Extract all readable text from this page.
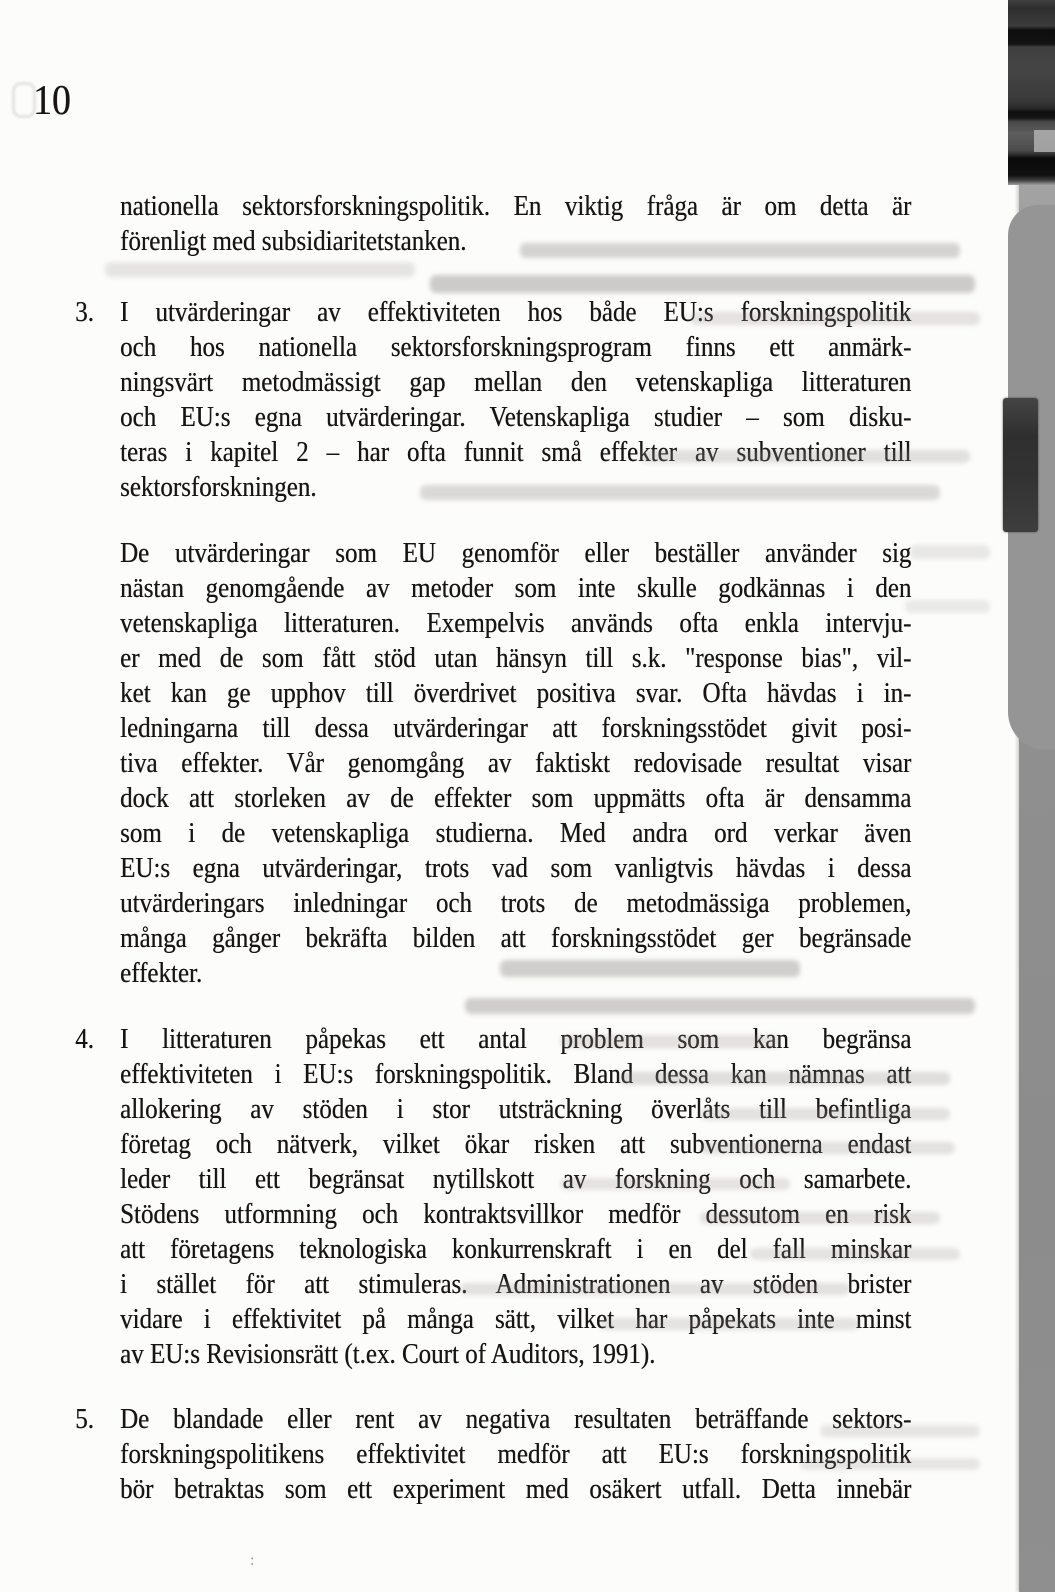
10
nationella sektorsforskningspolitik. En viktig fråga är om detta är
förenligt med subsidiaritetstanken.
3. I utvärderingar av effektiviteten hos både EU:s forskningspolitik
och hos nationella sektorsforskningsprogram finns ett anmärk-
ningsvärt metodmässigt gap mellan den vetenskapliga litteraturen
och EU:s egna utvärderingar. Vetenskapliga studier – som disku-
teras i kapitel 2 – har ofta funnit små effekter av subventioner till
sektorsforskningen.
De utvärderingar som EU genomför eller beställer använder sig
nästan genomgående av metoder som inte skulle godkännas i den
vetenskapliga litteraturen. Exempelvis används ofta enkla intervju-
er med de som fått stöd utan hänsyn till s.k. "response bias", vil-
ket kan ge upphov till överdrivet positiva svar. Ofta hävdas i in-
ledningarna till dessa utvärderingar att forskningsstödet givit posi-
tiva effekter. Vår genomgång av faktiskt redovisade resultat visar
dock att storleken av de effekter som uppmätts ofta är densamma
som i de vetenskapliga studierna. Med andra ord verkar även
EU:s egna utvärderingar, trots vad som vanligtvis hävdas i dessa
utvärderingars inledningar och trots de metodmässiga problemen,
många gånger bekräfta bilden att forskningsstödet ger begränsade
effekter.
4. I litteraturen påpekas ett antal problem som kan begränsa
effektiviteten i EU:s forskningspolitik. Bland dessa kan nämnas att
allokering av stöden i stor utsträckning överlåts till befintliga
företag och nätverk, vilket ökar risken att subventionerna endast
leder till ett begränsat nytillskott av forskning och samarbete.
Stödens utformning och kontraktsvillkor medför dessutom en risk
att företagens teknologiska konkurrenskraft i en del fall minskar
i stället för att stimuleras. Administrationen av stöden brister
vidare i effektivitet på många sätt, vilket har påpekats inte minst
av EU:s Revisionsrätt (t.ex. Court of Auditors, 1991).
5. De blandade eller rent av negativa resultaten beträffande sektors-
forskningspolitikens effektivitet medför att EU:s forskningspolitik
bör betraktas som ett experiment med osäkert utfall. Detta innebär
:
